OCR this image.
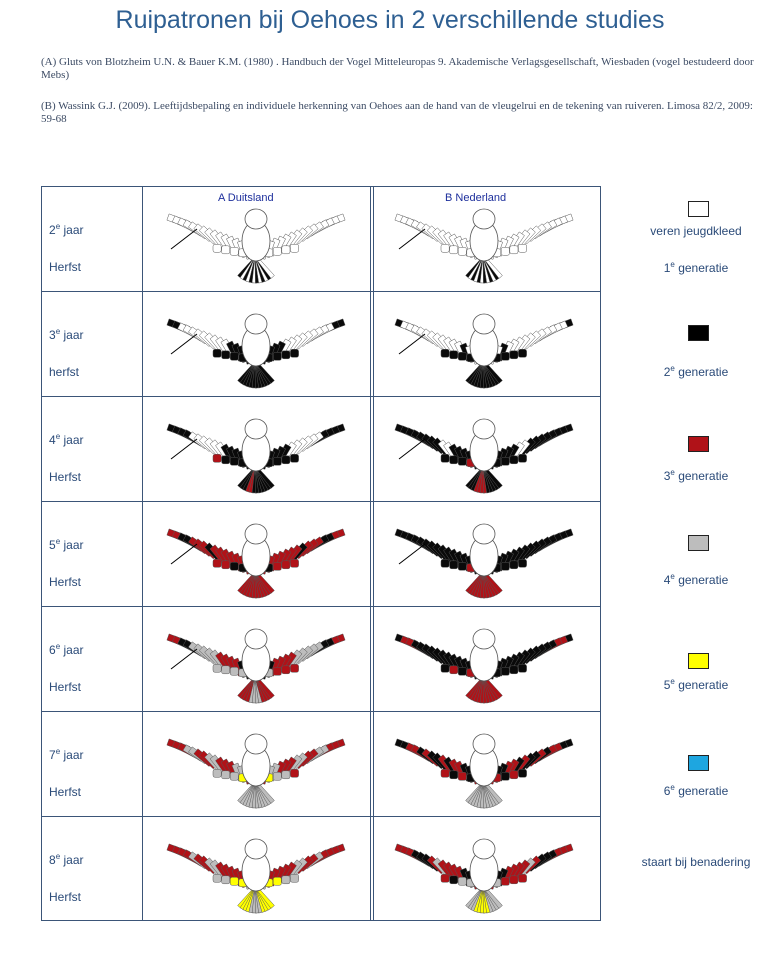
Ruipatronen bij Oehoes in 2 verschillende studies
(A) Gluts von Blotzheim U.N. & Bauer K.M. (1980) . Handbuch der Vogel Mitteleuropas 9. Akademische Verlagsgesellschaft, Wiesbaden (vogel bestudeerd door Mebs)
(B) Wassink G.J. (2009). Leeftijdsbepaling en individuele herkenning van Oehoes aan de hand van de vleugelrui en de tekening van ruiveren. Limosa 82/2, 2009: 59-68
A Duitsland	B Nederland
2e jaar
Herfst
3e jaar
herfst
4e jaar
Herfst
5e jaar
Herfst
6e jaar
Herfst
7e jaar
Herfst
8e jaar
Herfst
veren jeugdkleed
1e generatie
2e generatie
3e generatie
4e generatie
5e generatie
6e generatie
staart bij benadering
